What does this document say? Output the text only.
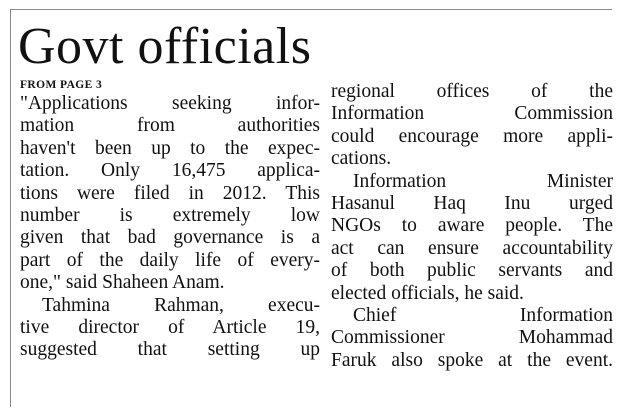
Govt officials
FROM PAGE 3
"Applications seeking infor-
mation from authorities
haven't been up to the expec-
tation. Only 16,475 applica-
tions were filed in 2012. This
number is extremely low
given that bad governance is a
part of the daily life of every-
one," said Shaheen Anam.
Tahmina Rahman, execu-
tive director of Article 19,
suggested that setting up
regional offices of the
Information Commission
could encourage more appli-
cations.
Information Minister
Hasanul Haq Inu urged
NGOs to aware people. The
act can ensure accountability
of both public servants and
elected officials, he said.
Chief Information
Commissioner Mohammad
Faruk also spoke at the event.
